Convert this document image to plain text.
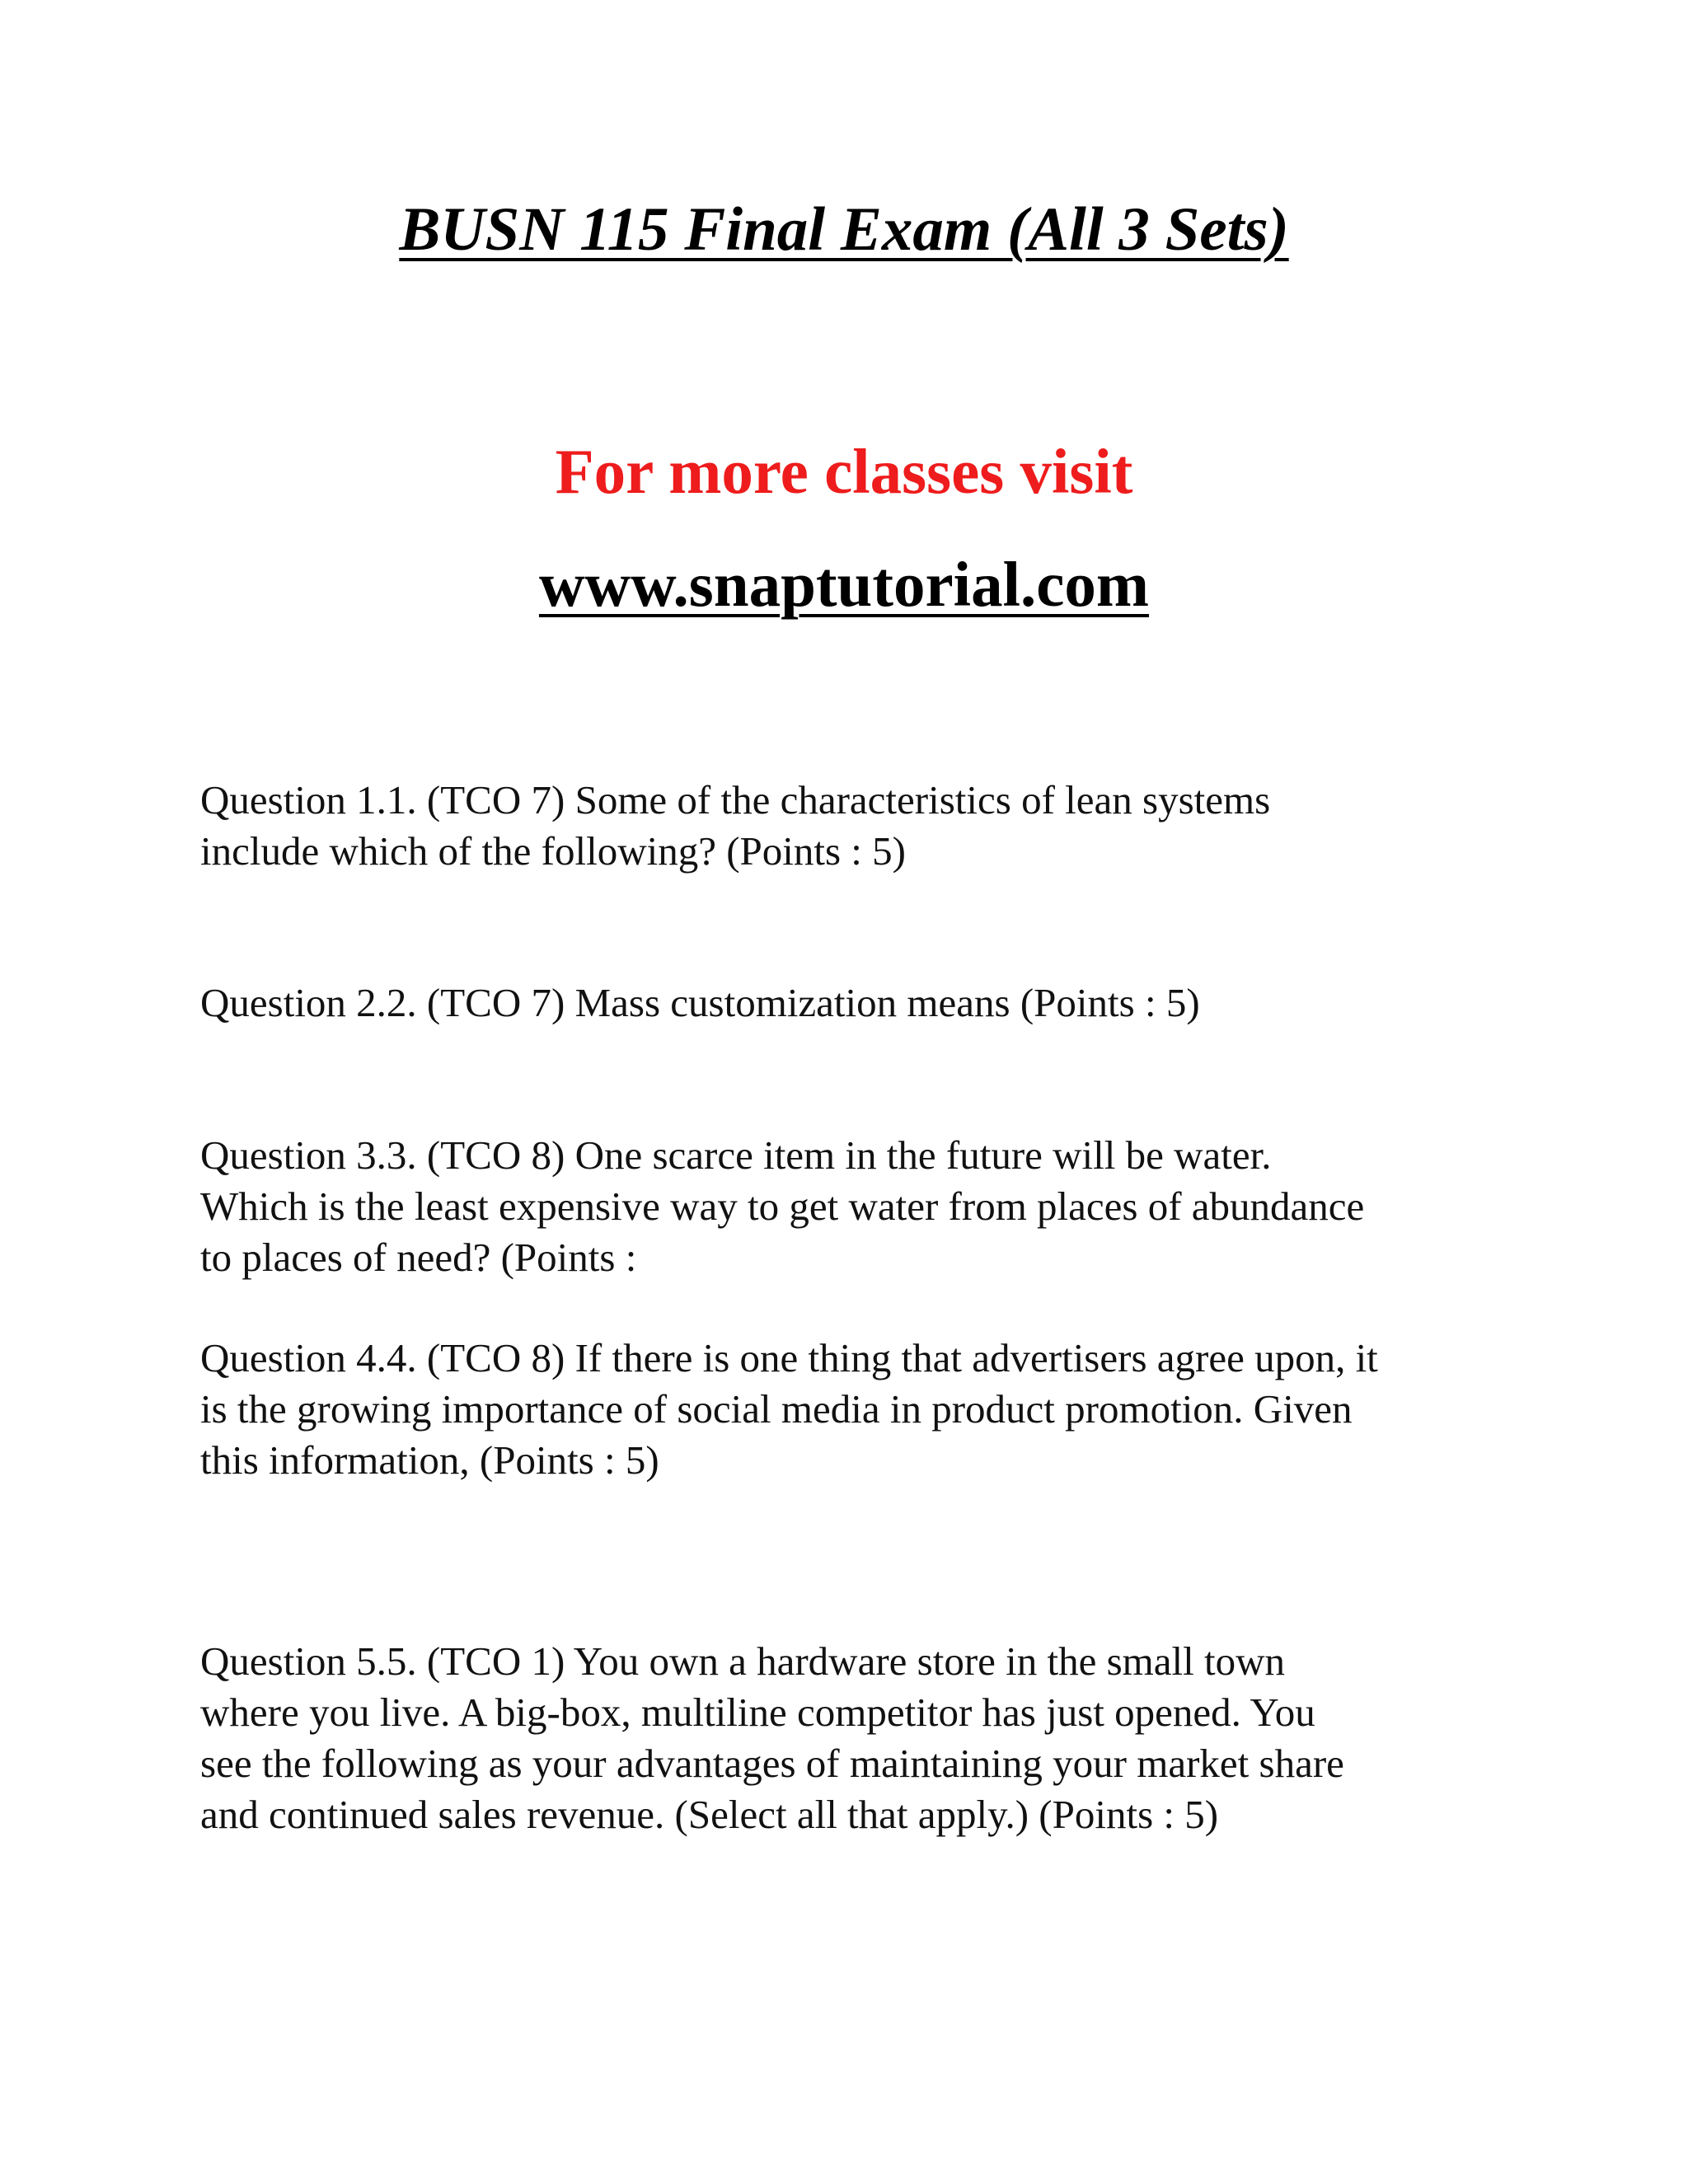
BUSN 115 Final Exam (All 3 Sets)
For more classes visit
www.snaptutorial.com
Question 1.1. (TCO 7) Some of the characteristics of lean systems
include which of the following? (Points : 5)
Question 2.2. (TCO 7) Mass customization means (Points : 5)
Question 3.3. (TCO 8) One scarce item in the future will be water.
Which is the least expensive way to get water from places of abundance
to places of need? (Points :
Question 4.4. (TCO 8) If there is one thing that advertisers agree upon, it
is the growing importance of social media in product promotion. Given
this information, (Points : 5)
Question 5.5. (TCO 1) You own a hardware store in the small town
where you live. A big-box, multiline competitor has just opened. You
see the following as your advantages of maintaining your market share
and continued sales revenue. (Select all that apply.) (Points : 5)
